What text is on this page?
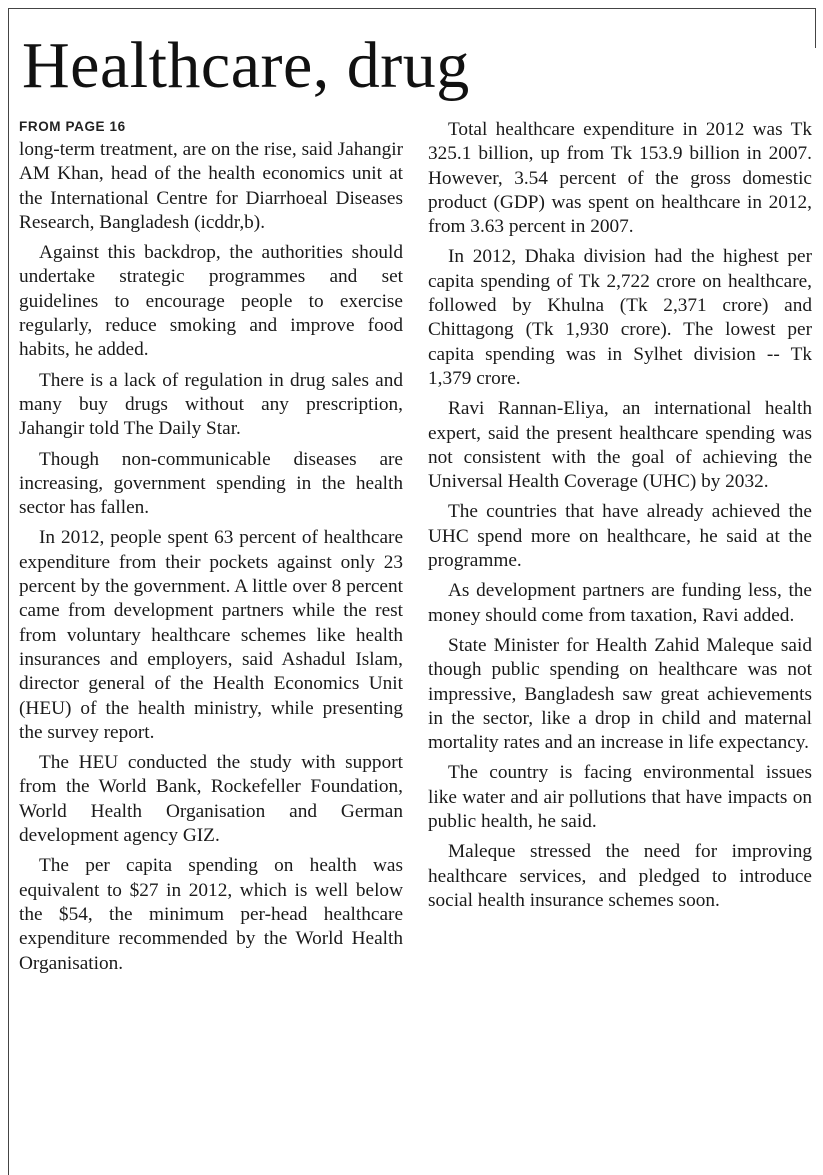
Healthcare, drug
FROM PAGE 16

long-term treatment, are on the rise, said Jahangir AM Khan, head of the health economics unit at the International Centre for Diarrhoeal Diseases Research, Bangladesh (icddr,b).

Against this backdrop, the authorities should undertake strategic programmes and set guidelines to encourage people to exercise regularly, reduce smoking and improve food habits, he added.

There is a lack of regulation in drug sales and many buy drugs without any prescription, Jahangir told The Daily Star.

Though non-communicable diseases are increasing, government spending in the health sector has fallen.

In 2012, people spent 63 percent of healthcare expenditure from their pockets against only 23 percent by the government. A little over 8 percent came from development partners while the rest from voluntary healthcare schemes like health insurances and employers, said Ashadul Islam, director general of the Health Economics Unit (HEU) of the health ministry, while presenting the survey report.

The HEU conducted the study with support from the World Bank, Rockefeller Foundation, World Health Organisation and German development agency GIZ.

The per capita spending on health was equivalent to $27 in 2012, which is well below the $54, the minimum per-head healthcare expenditure recommended by the World Health Organisation.

Total healthcare expenditure in 2012 was Tk 325.1 billion, up from Tk 153.9 billion in 2007. However, 3.54 percent of the gross domestic product (GDP) was spent on healthcare in 2012, from 3.63 percent in 2007.

In 2012, Dhaka division had the highest per capita spending of Tk 2,722 crore on healthcare, followed by Khulna (Tk 2,371 crore) and Chittagong (Tk 1,930 crore). The lowest per capita spending was in Sylhet division -- Tk 1,379 crore.

Ravi Rannan-Eliya, an international health expert, said the present healthcare spending was not consistent with the goal of achieving the Universal Health Coverage (UHC) by 2032.

The countries that have already achieved the UHC spend more on healthcare, he said at the programme.

As development partners are funding less, the money should come from taxation, Ravi added.

State Minister for Health Zahid Maleque said though public spending on healthcare was not impressive, Bangladesh saw great achievements in the sector, like a drop in child and maternal mortality rates and an increase in life expectancy.

The country is facing environmental issues like water and air pollutions that have impacts on public health, he said.

Maleque stressed the need for improving healthcare services, and pledged to introduce social health insurance schemes soon.
